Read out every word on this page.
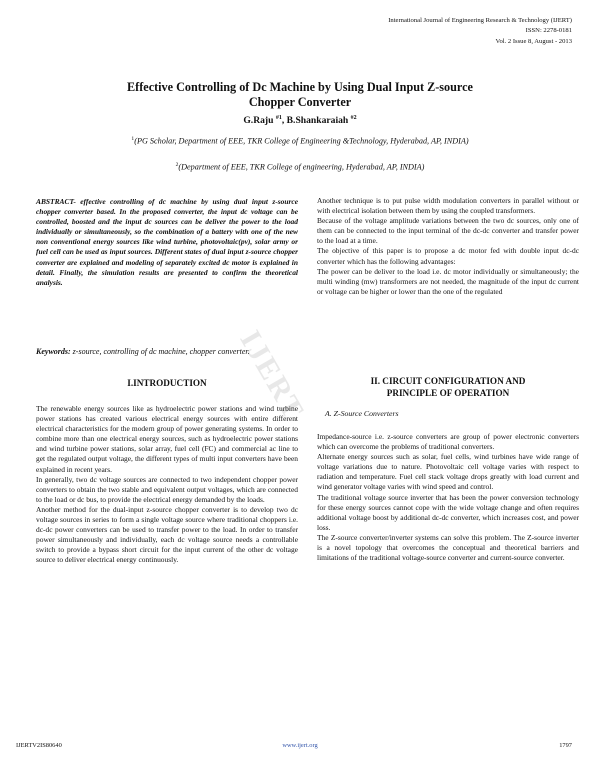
International Journal of Engineering Research & Technology (IJERT)
ISSN: 2278-0181
Vol. 2 Issue 8, August - 2013
Effective Controlling of Dc Machine by Using Dual Input Z-source
Chopper Converter
G.Raju $^{\#1}$, B.Shankaraiah $^{\#2}$
$^1$(PG Scholar, Department of EEE, TKR College of Engineering &Technology, Hyderabad, AP, INDIA)
$^2$(Department of EEE, TKR College of engineering, Hyderabad, AP, INDIA)
IJERT

ABSTRACT- effective controlling of dc machine by using dual input z-source chopper converter based. In the proposed converter, the input dc voltage can be controlled, boosted and the input dc sources can be deliver the power to the load individually or simultaneously, so the combination of a battery with one of the new non conventional energy sources like wind turbine, photovoltaic(pv), solar army or fuel cell can be used as input sources. Different states of dual input z-source chopper converter are explained and modeling of separately excited dc motor is explained in detail. Finally, the simulation results are presented to confirm the theoretical analysis.

Keywords: z-source, controlling of dc machine, chopper converter.
I.INTRODUCTION

The renewable energy sources like as hydroelectric power stations and wind turbine power stations has created various electrical energy sources with entire different electrical characteristics for the modern group of power generating systems. In order to combine more than one electrical energy sources, such as hydroelectric power stations and wind turbine power stations, solar array, fuel cell (FC) and commercial ac line to get the regulated output voltage, the different types of multi input converters have been explained in recent years.

In generally, two dc voltage sources are connected to two independent chopper power converters to obtain the two stable and equivalent output voltages, which are connected to the load or dc bus, to provide the electrical energy demanded by the loads.

Another method for the dual-input z-source chopper converter is to develop two dc voltage sources in series to form a single voltage source where traditional choppers i.e. dc-dc power converters can be used to transfer power to the load. In order to transfer power simultaneously and individually, each dc voltage source needs a controllable switch to provide a bypass short circuit for the input current of the other dc voltage source to deliver electrical energy continuously.

Another technique is to put pulse width modulation converters in parallel without or with electrical isolation between them by using the coupled transformers.

Because of the voltage amplitude variations between the two dc sources, only one of them can be connected to the input terminal of the dc-dc converter and transfer power to the load at a time.

The objective of this paper is to propose a dc motor fed with double input dc-dc converter which has the following advantages:

The power can be deliver to the load i.e. dc motor individually or simultaneously; the multi winding (mw) transformers are not needed, the magnitude of the input dc current or voltage can be higher or lower than the one of the regulated

II. CIRCUIT CONFIGURATION AND
PRINCIPLE OF OPERATION
A. Z-Source Converters

Impedance-source i.e. z-source converters are group of power electronic converters which can overcome the problems of traditional converters.

Alternate energy sources such as solar, fuel cells, wind turbines have wide range of voltage variations due to nature. Photovoltaic cell voltage varies with respect to radiation and temperature. Fuel cell stack voltage drops greatly with load current and wind generator voltage varies with wind speed and control.

The traditional voltage source inverter that has been the power conversion technology for these energy sources cannot cope with the wide voltage change and often requires additional voltage boost by additional dc-dc converter, which increases cost, and power loss.

The Z-source converter/inverter systems can solve this problem. The Z-source inverter is a novel topology that overcomes the conceptual and theoretical barriers and limitations of the traditional voltage-source converter and current-source converter.

IJERTV2IS80640	www.ijert.org	1797
